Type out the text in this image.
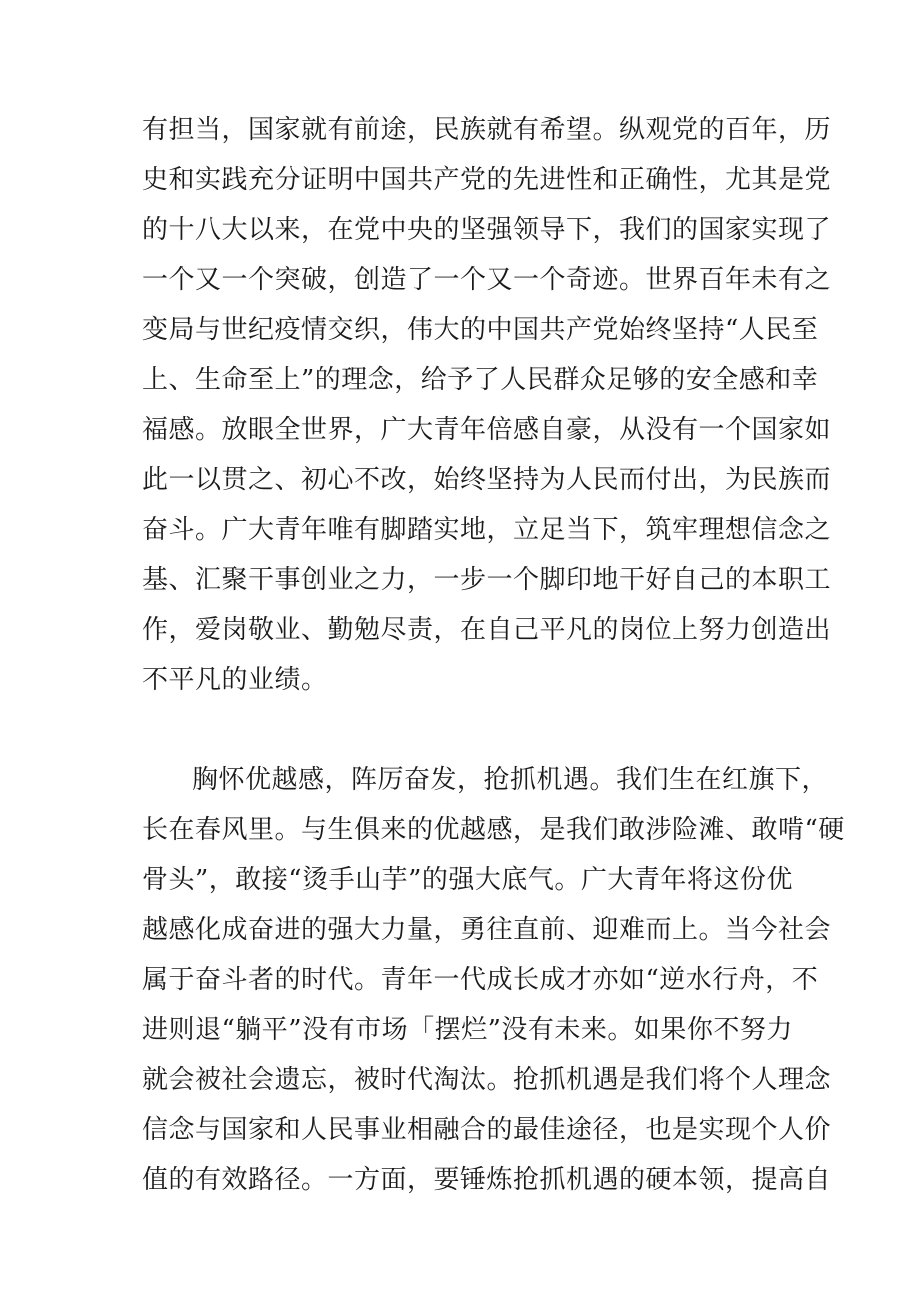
有担当，国家就有前途，民族就有希望。纵观党的百年，历
史和实践充分证明中国共产党的先进性和正确性，尤其是党
的十八大以来，在党中央的坚强领导下，我们的国家实现了
一个又一个突破，创造了一个又一个奇迹。世界百年未有之
变局与世纪疫情交织，伟大的中国共产党始终坚持“人民至
上、生命至上”的理念，给予了人民群众足够的安全感和幸
福感。放眼全世界，广大青年倍感自豪，从没有一个国家如
此一以贯之、初心不改，始终坚持为人民而付出，为民族而
奋斗。广大青年唯有脚踏实地，立足当下，筑牢理想信念之
基、汇聚干事创业之力，一步一个脚印地干好自己的本职工
作，爱岗敬业、勤勉尽责，在自己平凡的岗位上努力创造出
不平凡的业绩。
胸怀优越感，阵厉奋发，抢抓机遇。我们生在红旗下，
长在春风里。与生俱来的优越感，是我们敢涉险滩、敢啃“硬
骨头”，敢接“烫手山芋”的强大底气。广大青年将这份优
越感化成奋进的强大力量，勇往直前、迎难而上。当今社会
属于奋斗者的时代。青年一代成长成才亦如“逆水行舟，不
进则退“躺平”没有市场「摆烂”没有未来。如果你不努力
就会被社会遗忘，被时代淘汰。抢抓机遇是我们将个人理念
信念与国家和人民事业相融合的最佳途径，也是实现个人价
值的有效路径。一方面，要锤炼抢抓机遇的硬本领，提高自
